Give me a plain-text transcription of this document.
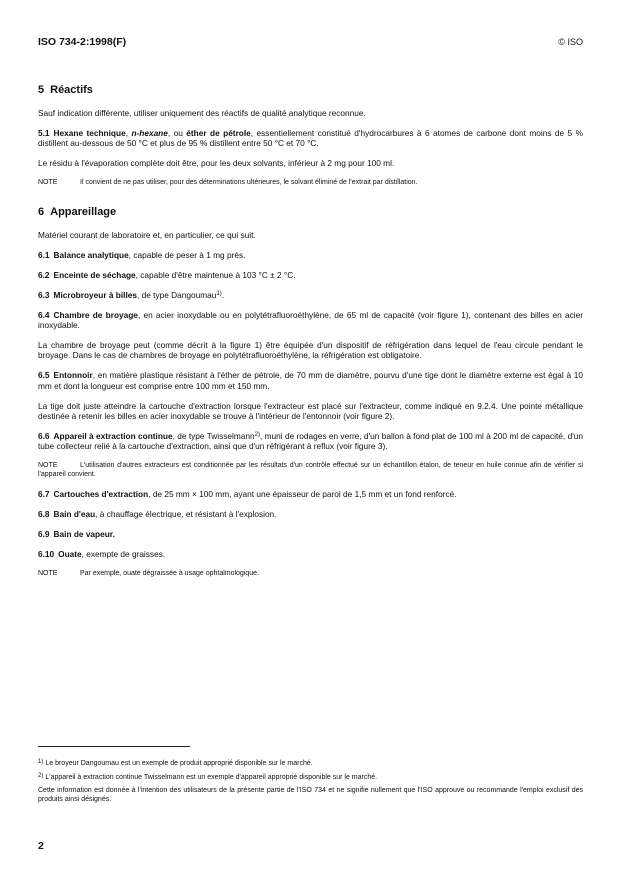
ISO 734-2:1998(F)	© ISO
5 Réactifs

Sauf indication différente, utiliser uniquement des réactifs de qualité analytique reconnue.

5.1 Hexane technique, n-hexane, ou éther de pétrole, essentiellement constitué d'hydrocarbures à 6 atomes de carbone dont moins de 5 % distillent au-dessous de 50 °C et plus de 95 % distillent entre 50 °C et 70 °C.

Le résidu à l'évaporation complète doit être, pour les deux solvants, inférieur à 2 mg pour 100 ml.

NOTE	Il convient de ne pas utiliser, pour des déterminations ultérieures, le solvant éliminé de l'extrait par distillation.

6 Appareillage

Matériel courant de laboratoire et, en particulier, ce qui suit.

6.1 Balance analytique, capable de peser à 1 mg près.

6.2 Enceinte de séchage, capable d'être maintenue à 103 °C ± 2 °C.

6.3 Microbroyeur à billes, de type Dangoumau$^{1)}$.

6.4 Chambre de broyage, en acier inoxydable ou en polytétrafluoroéthylène, de 65 ml de capacité (voir figure 1), contenant des billes en acier inoxydable.

La chambre de broyage peut (comme décrit à la figure 1) être équipée d'un dispositif de réfrigération dans lequel de l'eau circule pendant le broyage. Dans le cas de chambres de broyage en polytétrafluoroéthylène, la réfrigération est obligatoire.

6.5 Entonnoir, en matière plastique résistant à l'éther de pétrole, de 70 mm de diamètre, pourvu d'une tige dont le diamètre externe est égal à 10 mm et dont la longueur est comprise entre 100 mm et 150 mm.

La tige doit juste atteindre la cartouche d'extraction lorsque l'extracteur est placé sur l'extracteur, comme indiqué en 9.2.4. Une pointe métallique destinée à retenir les billes en acier inoxydable se trouve à l'intérieur de l'entonnoir (voir figure 2).

6.6 Appareil à extraction continue, de type Twisselmann$^{2)}$, muni de rodages en verre, d'un ballon à fond plat de 100 ml à 200 ml de capacité, d'un tube collecteur relié à la cartouche d'extraction, ainsi que d'un réfrigérant à reflux (voir figure 3).

NOTE	L'utilisation d'autres extracteurs est conditionnée par les résultats d'un contrôle effectué sur un échantillon étalon, de teneur en huile connue afin de vérifier si l'appareil convient.

6.7 Cartouches d'extraction, de 25 mm × 100 mm, ayant une épaisseur de paroi de 1,5 mm et un fond renforcé.

6.8 Bain d'eau, à chauffage électrique, et résistant à l'explosion.

6.9 Bain de vapeur.

6.10 Ouate, exempte de graisses.

NOTE	Par exemple, ouate dégraissée à usage ophtalmologique.

1) Le broyeur Dangoumau est un exemple de produit approprié disponible sur le marché.

2) L'appareil à extraction continue Twisselmann est un exemple d'appareil approprié disponible sur le marché.

Cette information est donnée à l'intention des utilisateurs de la présente partie de l'ISO 734 et ne signifie nullement que l'ISO approuve ou recommande l'emploi exclusif des produits ainsi désignés.

2
